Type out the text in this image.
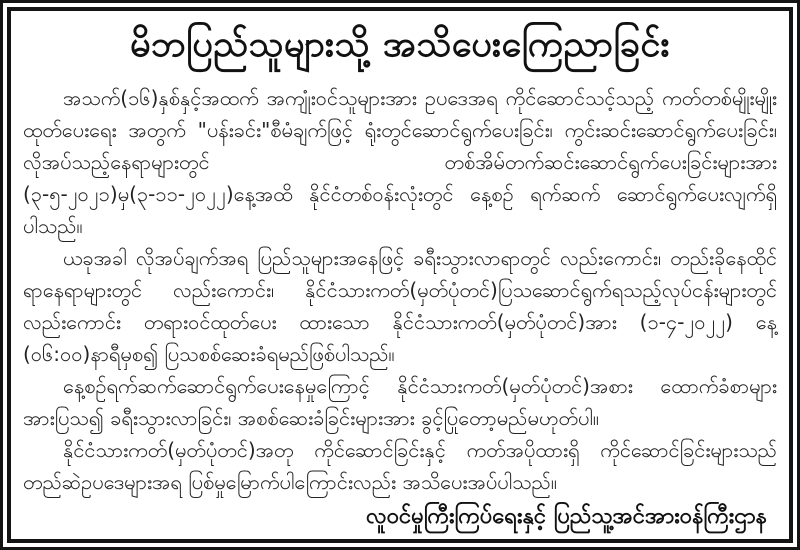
မိဘပြည်သူများသို့ အသိပေးကြေညာခြင်း

အသက်(၁၆)နှစ်နှင့်အထက် အကျုံးဝင်သူများအား ဥပဒေအရ ကိုင်ဆောင်သင့်သည့် ကတ်တစ်မျိုးမျိုး ထုတ်ပေးရေး အတွက် "ပန်းခင်း"စီမံချက်ဖြင့် ရုံးတွင်ဆောင်ရွက်ပေးခြင်း၊ ကွင်းဆင်းဆောင်ရွက်ပေးခြင်း၊ လိုအပ်သည့်နေရာများတွင် တစ်အိမ်တက်ဆင်းဆောင်ရွက်ပေးခြင်းများအား (၃-၅-၂၀၂၁)မှ(၃-၁၁-၂၀၂၂)နေ့အထိ နိုင်ငံတစ်ဝန်းလုံးတွင် နေ့စဉ် ရက်ဆက် ဆောင်ရွက်ပေးလျက်ရှိပါသည်။

ယခုအခါ လိုအပ်ချက်အရ ပြည်သူများအနေဖြင့် ခရီးသွားလာရာတွင် လည်းကောင်း၊ တည်းခိုနေထိုင်ရာနေရာများတွင် လည်းကောင်း၊ နိုင်ငံသားကတ်(မှတ်ပုံတင်)ပြသဆောင်ရွက်ရသည့်လုပ်ငန်းများတွင် လည်းကောင်း တရားဝင်ထုတ်ပေး ထားသော နိုင်ငံသားကတ်(မှတ်ပုံတင်)အား (၁-၄-၂၀၂၂) နေ့ (၀၆:၀၀)နာရီမှစ၍ ပြသစစ်ဆေးခံရမည်ဖြစ်ပါသည်။

နေ့စဉ်ရက်ဆက်ဆောင်ရွက်ပေးနေမှုကြောင့် နိုင်ငံသားကတ်(မှတ်ပုံတင်)အစား ထောက်ခံစာများအားပြသ၍ ခရီးသွားလာခြင်း၊ အစစ်ဆေးခံခြင်းများအား ခွင့်ပြုတော့မည်မဟုတ်ပါ။

နိုင်ငံသားကတ်(မှတ်ပုံတင်)အတု ကိုင်ဆောင်ခြင်းနှင့် ကတ်အပိုထားရှိ ကိုင်ဆောင်ခြင်းများသည် တည်ဆဲဥပဒေများအရ ပြစ်မှုမြောက်ပါကြောင်းလည်း အသိပေးအပ်ပါသည်။

လူဝင်မှုကြီးကြပ်ရေးနှင့် ပြည်သူ့အင်အားဝန်ကြီးဌာန
